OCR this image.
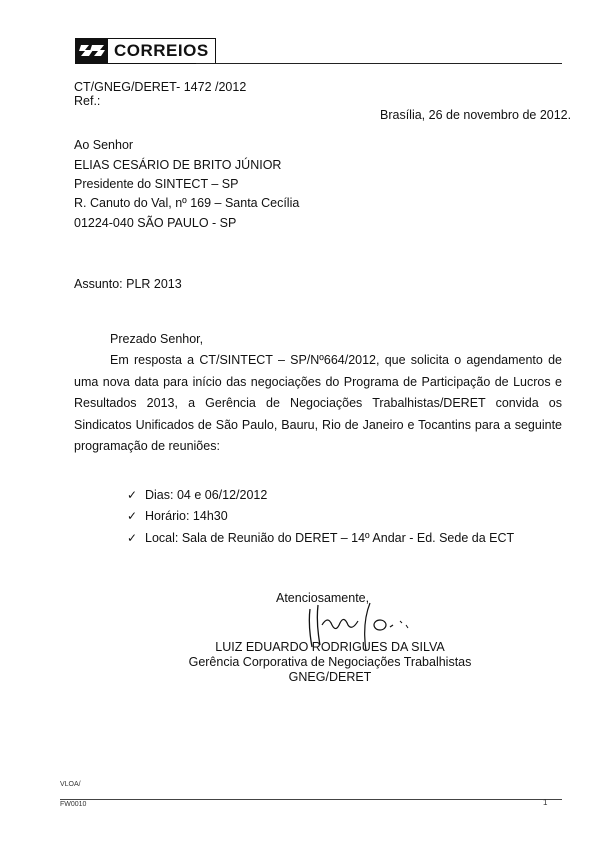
CORREIOS
CT/GNEG/DERET- 1472 /2012
Ref.:
Brasília, 26 de novembro de 2012.
Ao Senhor
ELIAS CESÁRIO DE BRITO JÚNIOR
Presidente do SINTECT – SP
R. Canuto do Val, nº 169 – Santa Cecília
01224-040 SÃO PAULO - SP
Assunto: PLR 2013
Prezado Senhor,

Em resposta a CT/SINTECT – SP/Nº664/2012, que solicita o agendamento de uma nova data para início das negociações do Programa de Participação de Lucros e Resultados 2013, a Gerência de Negociações Trabalhistas/DERET convida os Sindicatos Unificados de São Paulo, Bauru, Rio de Janeiro e Tocantins para a seguinte programação de reuniões:

✓ Dias: 04 e 06/12/2012
✓ Horário: 14h30
✓ Local: Sala de Reunião do DERET – 14º Andar - Ed. Sede da ECT
Atenciosamente,
LUIZ EDUARDO RODRIGUES DA SILVA
Gerência Corporativa de Negociações Trabalhistas
GNEG/DERET
VLOA/
FW0010	1
